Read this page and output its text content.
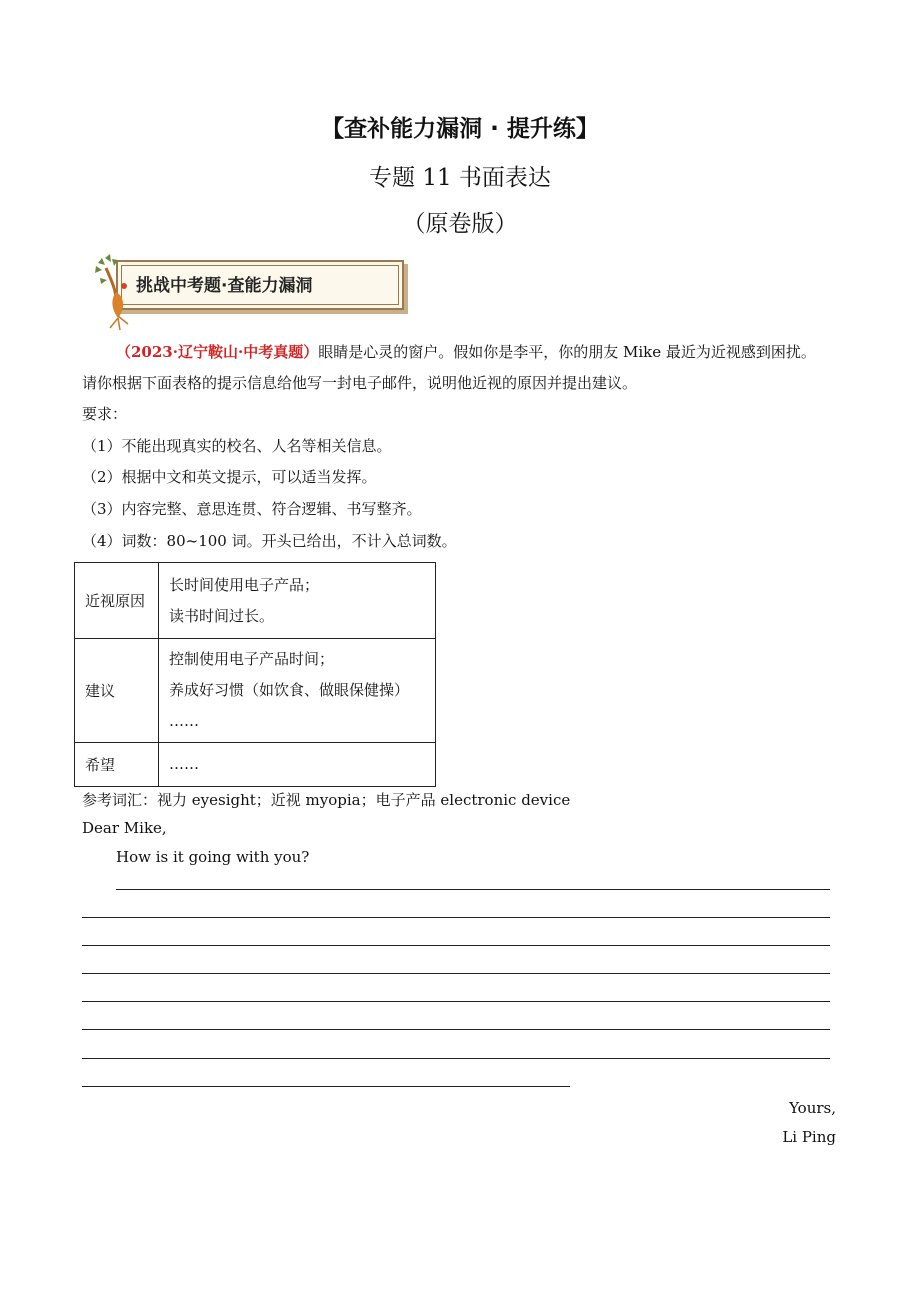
【查补能力漏洞 · 提升练】
专题 11 书面表达
（原卷版）
挑战中考题·查能力漏洞
（2023·辽宁鞍山·中考真题）眼睛是心灵的窗户。假如你是李平，你的朋友 Mike 最近为近视感到困扰。
请你根据下面表格的提示信息给他写一封电子邮件，说明他近视的原因并提出建议。
要求：
（1）不能出现真实的校名、人名等相关信息。
（2）根据中文和英文提示，可以适当发挥。
（3）内容完整、意思连贯、符合逻辑、书写整齐。
（4）词数：80~100 词。开头已给出，不计入总词数。
近视原因	长时间使用电子产品；
读书时间过长。

建议	控制使用电子产品时间；
养成好习惯（如饮食、做眼保健操）
……

希望	……
参考词汇：视力 eyesight；近视 myopia；电子产品 electronic device
Dear Mike,
How is it going with you?
Yours,
Li Ping
